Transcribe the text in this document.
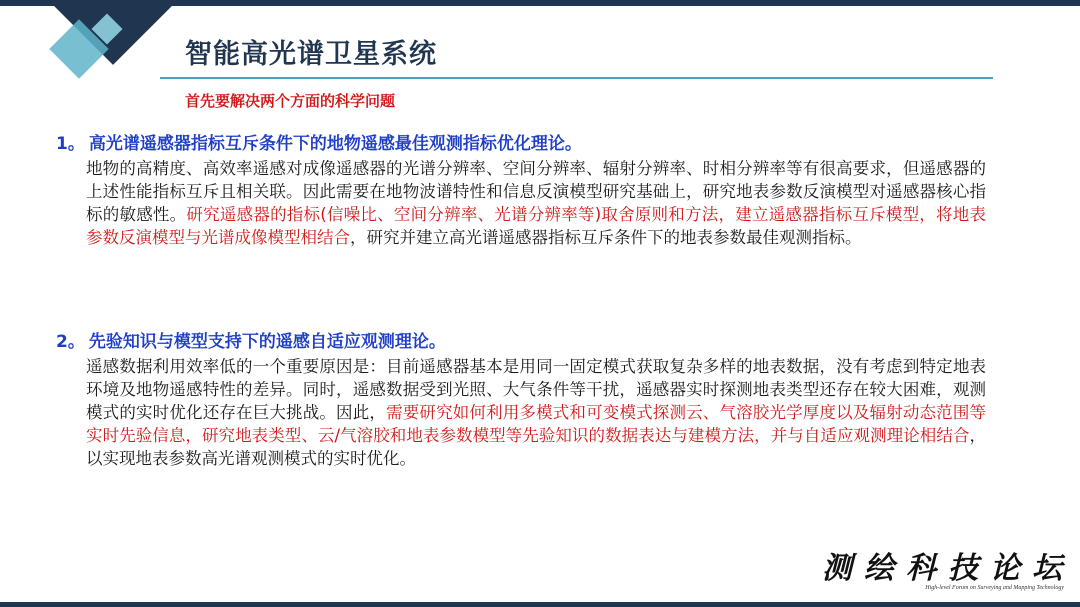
智能高光谱卫星系统
首先要解决两个方面的科学问题

1。 高光谱遥感器指标互斥条件下的地物遥感最佳观测指标优化理论。

地物的高精度、高效率遥感对成像遥感器的光谱分辨率、空间分辨率、辐射分辨率、时相分辨率等有很高要求，但遥感器的上述性能指标互斥且相关联。因此需要在地物波谱特性和信息反演模型研究基础上，研究地表参数反演模型对遥感器核心指标的敏感性。研究遥感器的指标(信噪比、空间分辨率、光谱分辨率等)取舍原则和方法，建立遥感器指标互斥模型，将地表参数反演模型与光谱成像模型相结合，研究并建立高光谱遥感器指标互斥条件下的地表参数最佳观测指标。

2。 先验知识与模型支持下的遥感自适应观测理论。

遥感数据利用效率低的一个重要原因是：目前遥感器基本是用同一固定模式获取复杂多样的地表数据，没有考虑到特定地表环境及地物遥感特性的差异。同时，遥感数据受到光照、大气条件等干扰，遥感器实时探测地表类型还存在较大困难，观测模式的实时优化还存在巨大挑战。因此，需要研究如何利用多模式和可变模式探测云、气溶胶光学厚度以及辐射动态范围等实时先验信息，研究地表类型、云/气溶胶和地表参数模型等先验知识的数据表达与建模方法，并与自适应观测理论相结合，以实现地表参数高光谱观测模式的实时优化。

测绘科技论坛
High-level Forum on Surveying and Mapping Technology
